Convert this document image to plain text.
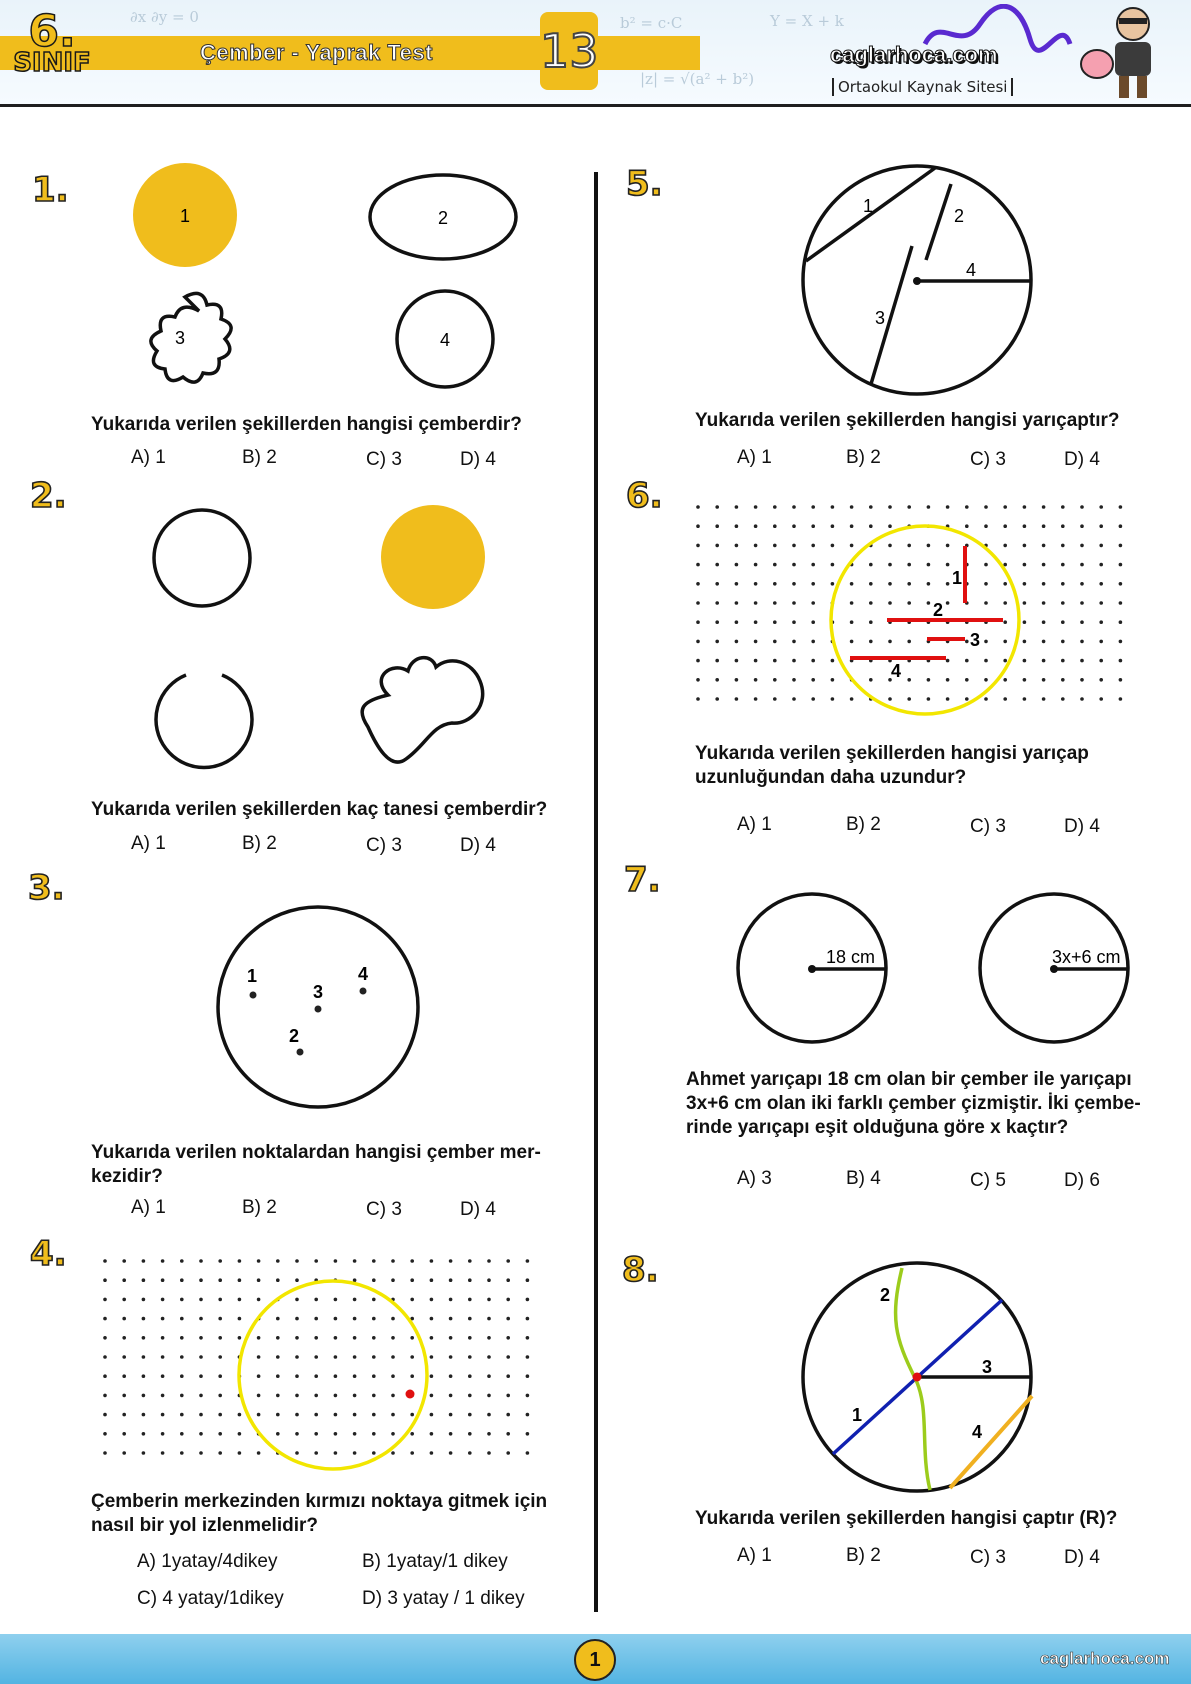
∂x ∂y = 0	b² = c·C	Y = X + k
|z| = √(a² + b²)
6.
SINIF	Çember - Yaprak Test 13	caglarhoca.com
Ortaokul Kaynak Sitesi
1.
1	2
3	4
Yukarıda verilen şekillerden hangisi çemberdir?
A) 1	B) 2	C) 3	D) 4
2.
Yukarıda verilen şekillerden kaç tanesi çemberdir?
A) 1	B) 2	C) 3	D) 4
3.
1
2
3
4
Yukarıda verilen noktalardan hangisi çember mer-
kezidir?
A) 1	B) 2	C) 3	D) 4
4.
Çemberin merkezinden kırmızı noktaya gitmek için
nasıl bir yol izlenmelidir?
A) 1yatay/4dikey	B) 1yatay/1 dikey
C) 4 yatay/1dikey	D) 3 yatay / 1 dikey
5.
1	2
3
4
Yukarıda verilen şekillerden hangisi yarıçaptır?
A) 1	B) 2	C) 3	D) 4
6.
1
2
3
4
Yukarıda verilen şekillerden hangisi yarıçap
uzunluğundan daha uzundur?
A) 1	B) 2	C) 3	D) 4
7.
18 cm	3x+6 cm
Ahmet yarıçapı 18 cm olan bir çember ile yarıçapı
3x+6 cm olan iki farklı çember çizmiştir. İki çembe-
rinde yarıçapı eşit olduğuna göre x kaçtır?
A) 3	B) 4	C) 5	D) 6
8.
1
2
3
4
Yukarıda verilen şekillerden hangisi çaptır (R)?
A) 1	B) 2	C) 3	D) 4
1	caglarhoca.com
